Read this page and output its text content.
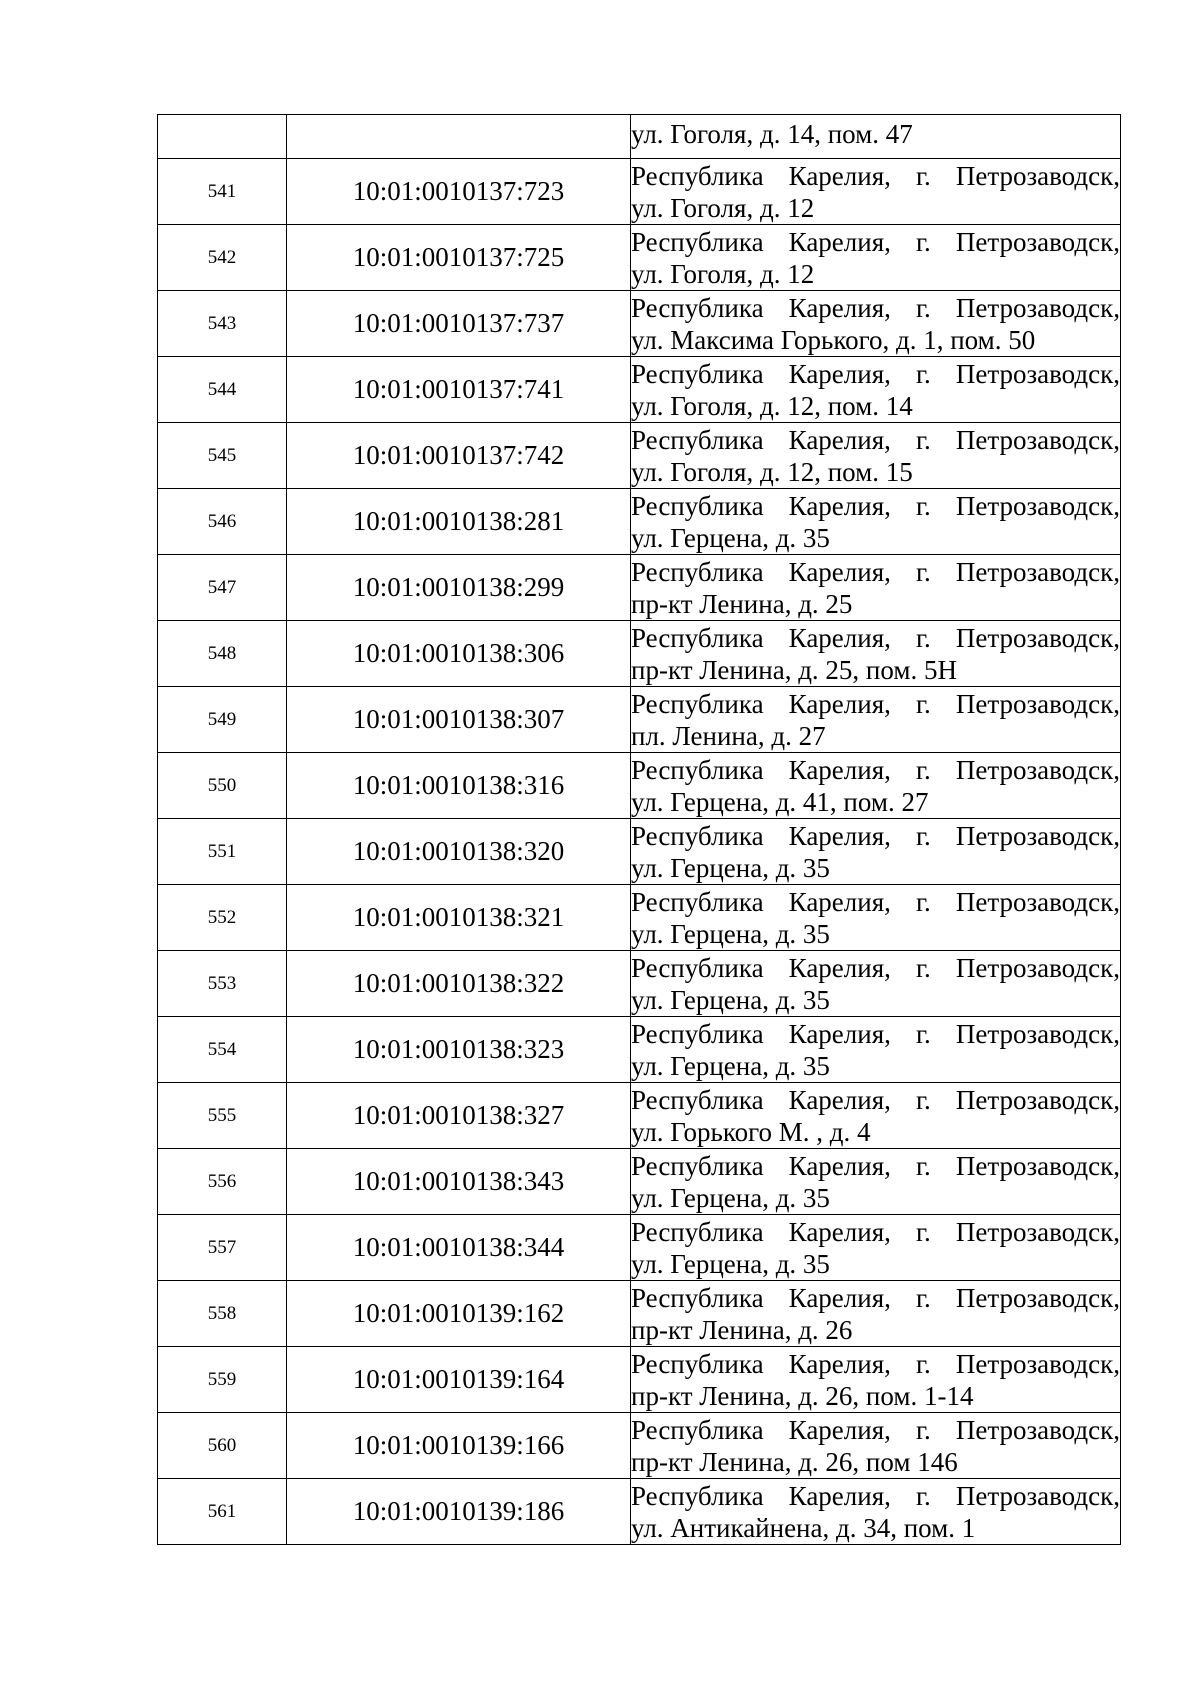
		ул. Гоголя, д. 14, пом. 47

541	10:01:0010137:723	Республика Карелия, г. Петрозаводск,
ул. Гоголя, д. 12

542	10:01:0010137:725	Республика Карелия, г. Петрозаводск,
ул. Гоголя, д. 12

543	10:01:0010137:737	Республика Карелия, г. Петрозаводск,
ул. Максима Горького, д. 1, пом. 50

544	10:01:0010137:741	Республика Карелия, г. Петрозаводск,
ул. Гоголя, д. 12, пом. 14

545	10:01:0010137:742	Республика Карелия, г. Петрозаводск,
ул. Гоголя, д. 12, пом. 15

546	10:01:0010138:281	Республика Карелия, г. Петрозаводск,
ул. Герцена, д. 35

547	10:01:0010138:299	Республика Карелия, г. Петрозаводск,
пр-кт Ленина, д. 25

548	10:01:0010138:306	Республика Карелия, г. Петрозаводск,
пр-кт Ленина, д. 25, пом. 5Н

549	10:01:0010138:307	Республика Карелия, г. Петрозаводск,
пл. Ленина, д. 27

550	10:01:0010138:316	Республика Карелия, г. Петрозаводск,
ул. Герцена, д. 41, пом. 27

551	10:01:0010138:320	Республика Карелия, г. Петрозаводск,
ул. Герцена, д. 35

552	10:01:0010138:321	Республика Карелия, г. Петрозаводск,
ул. Герцена, д. 35

553	10:01:0010138:322	Республика Карелия, г. Петрозаводск,
ул. Герцена, д. 35

554	10:01:0010138:323	Республика Карелия, г. Петрозаводск,
ул. Герцена, д. 35

555	10:01:0010138:327	Республика Карелия, г. Петрозаводск,
ул. Горького М. , д. 4

556	10:01:0010138:343	Республика Карелия, г. Петрозаводск,
ул. Герцена, д. 35

557	10:01:0010138:344	Республика Карелия, г. Петрозаводск,
ул. Герцена, д. 35

558	10:01:0010139:162	Республика Карелия, г. Петрозаводск,
пр-кт Ленина, д. 26

559	10:01:0010139:164	Республика Карелия, г. Петрозаводск,
пр-кт Ленина, д. 26, пом. 1-14

560	10:01:0010139:166	Республика Карелия, г. Петрозаводск,
пр-кт Ленина, д. 26, пом 146

561	10:01:0010139:186	Республика Карелия, г. Петрозаводск,
ул. Антикайнена, д. 34, пом. 1
